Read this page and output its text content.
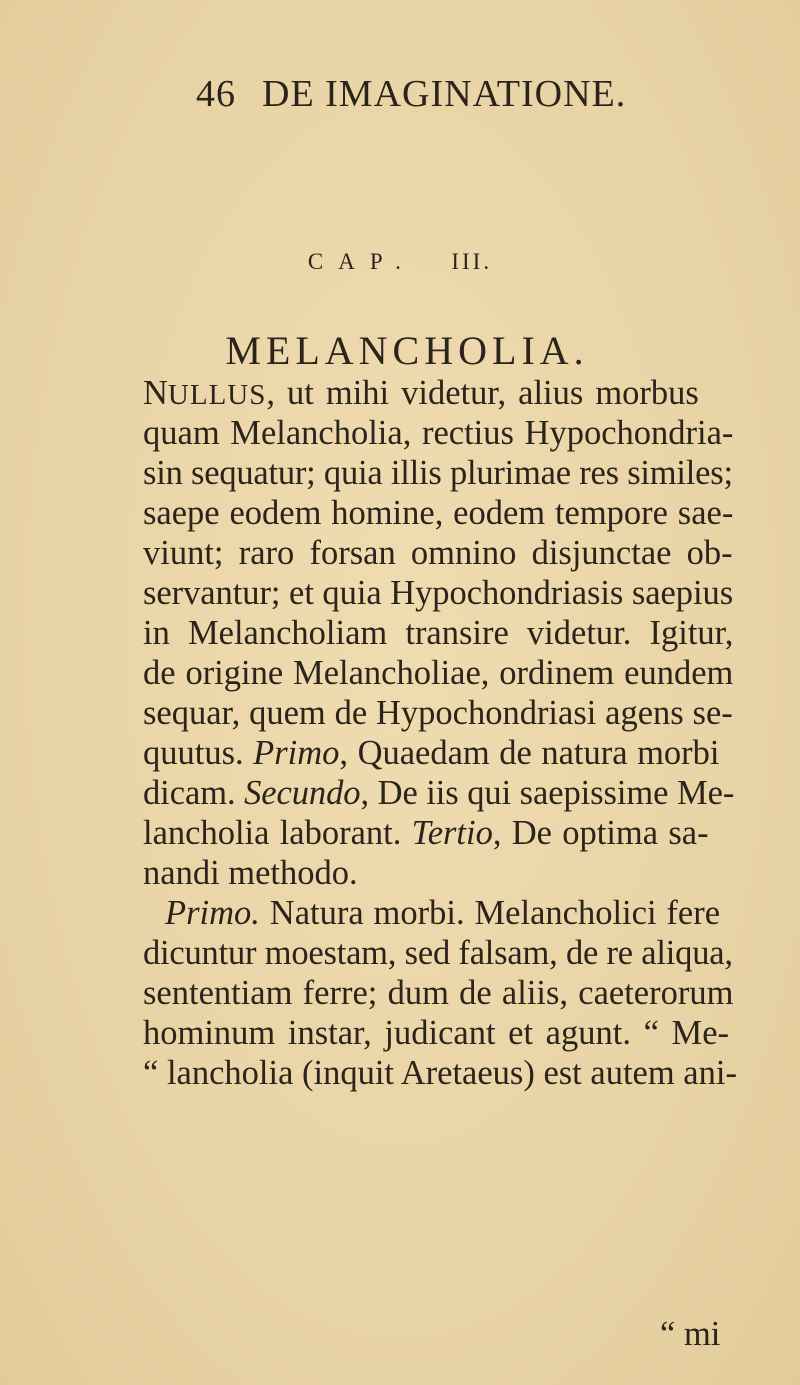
46 DE IMAGINATIONE.
CAP. III.
MELANCHOLIA.
NULLUS, ut mihi videtur, alius morbus
quam Melancholia, rectius Hypochondria-
sin sequatur; quia illis plurimae res similes;
saepe eodem homine, eodem tempore sae-
viunt; raro forsan omnino disjunctae ob-
servantur; et quia Hypochondriasis saepius
in Melancholiam transire videtur. Igitur,
de origine Melancholiae, ordinem eundem
sequar, quem de Hypochondriasi agens se-
quutus. Primo, Quaedam de natura morbi
dicam. Secundo, De iis qui saepissime Me-
lancholia laborant. Tertio, De optima sa-
nandi methodo.
Primo. Natura morbi. Melancholici fere
dicuntur moestam, sed falsam, de re aliqua,
sententiam ferre; dum de aliis, caeterorum
hominum instar, judicant et agunt. “ Me-
“ lancholia (inquit Aretaeus) est autem ani-
“ mi
